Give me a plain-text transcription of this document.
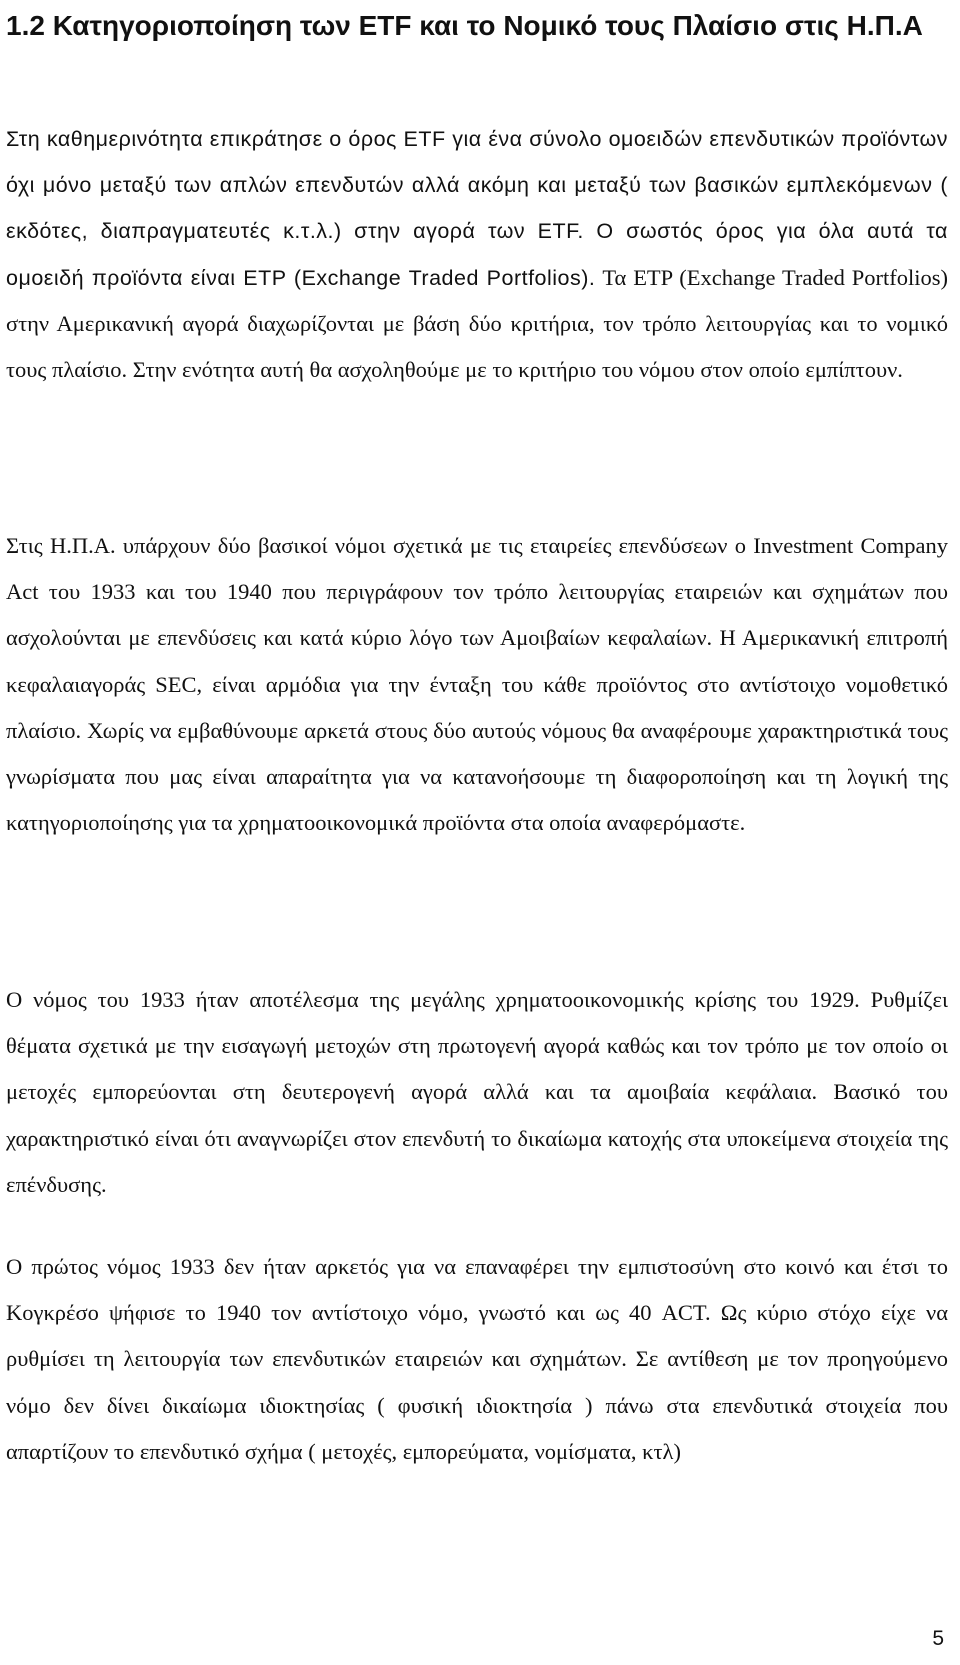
1.2 Κατηγοριοποίηση των ETF και το Νομικό τους Πλαίσιο στις Η.Π.Α

Στη καθημερινότητα επικράτησε ο όρος ETF για ένα σύνολο ομοειδών επενδυτικών προϊόντων όχι μόνο μεταξύ των απλών επενδυτών αλλά ακόμη και μεταξύ των βασικών εμπλεκόμενων ( εκδότες, διαπραγματευτές κ.τ.λ.) στην αγορά των ETF. Ο σωστός όρος για όλα αυτά τα ομοειδή προϊόντα είναι ETP (Exchange Traded Portfolios). Τα ETP (Exchange Traded Portfolios) στην Αμερικανική αγορά διαχωρίζονται με βάση δύο κριτήρια, τον τρόπο λειτουργίας και το νομικό τους πλαίσιο. Στην ενότητα αυτή θα ασχοληθούμε με το κριτήριο του νόμου στον οποίο εμπίπτουν.

Στις Η.Π.Α. υπάρχουν δύο βασικοί νόμοι σχετικά με τις εταιρείες επενδύσεων ο Investment Company Act του 1933 και του 1940 που περιγράφουν τον τρόπο λειτουργίας εταιρειών και σχημάτων που ασχολούνται με επενδύσεις και κατά κύριο λόγο των Αμοιβαίων κεφαλαίων. Η Αμερικανική επιτροπή κεφαλαιαγοράς SEC, είναι αρμόδια για την ένταξη του κάθε προϊόντος στο αντίστοιχο νομοθετικό πλαίσιο. Χωρίς να εμβαθύνουμε αρκετά στους δύο αυτούς νόμους θα αναφέρουμε χαρακτηριστικά τους γνωρίσματα που μας είναι απαραίτητα για να κατανοήσουμε τη διαφοροποίηση και τη λογική της κατηγοριοποίησης για τα χρηματοοικονομικά προϊόντα στα οποία αναφερόμαστε.

Ο νόμος του 1933 ήταν αποτέλεσμα της μεγάλης χρηματοοικονομικής κρίσης του 1929. Ρυθμίζει θέματα σχετικά με την εισαγωγή μετοχών στη πρωτογενή αγορά καθώς και τον τρόπο με τον οποίο οι μετοχές εμπορεύονται στη δευτερογενή αγορά αλλά και τα αμοιβαία κεφάλαια. Βασικό του χαρακτηριστικό είναι ότι αναγνωρίζει στον επενδυτή το δικαίωμα κατοχής στα υποκείμενα στοιχεία της επένδυσης.

Ο πρώτος νόμος 1933 δεν ήταν αρκετός για να επαναφέρει την εμπιστοσύνη στο κοινό και έτσι το Κογκρέσο ψήφισε το 1940 τον αντίστοιχο νόμο, γνωστό και ως 40 ACT. Ως κύριο στόχο είχε να ρυθμίσει τη λειτουργία των επενδυτικών εταιρειών και σχημάτων. Σε αντίθεση με τον προηγούμενο νόμο δεν δίνει δικαίωμα ιδιοκτησίας ( φυσική ιδιοκτησία ) πάνω στα επενδυτικά στοιχεία που απαρτίζουν το επενδυτικό σχήμα ( μετοχές, εμπορεύματα, νομίσματα, κτλ)

5
